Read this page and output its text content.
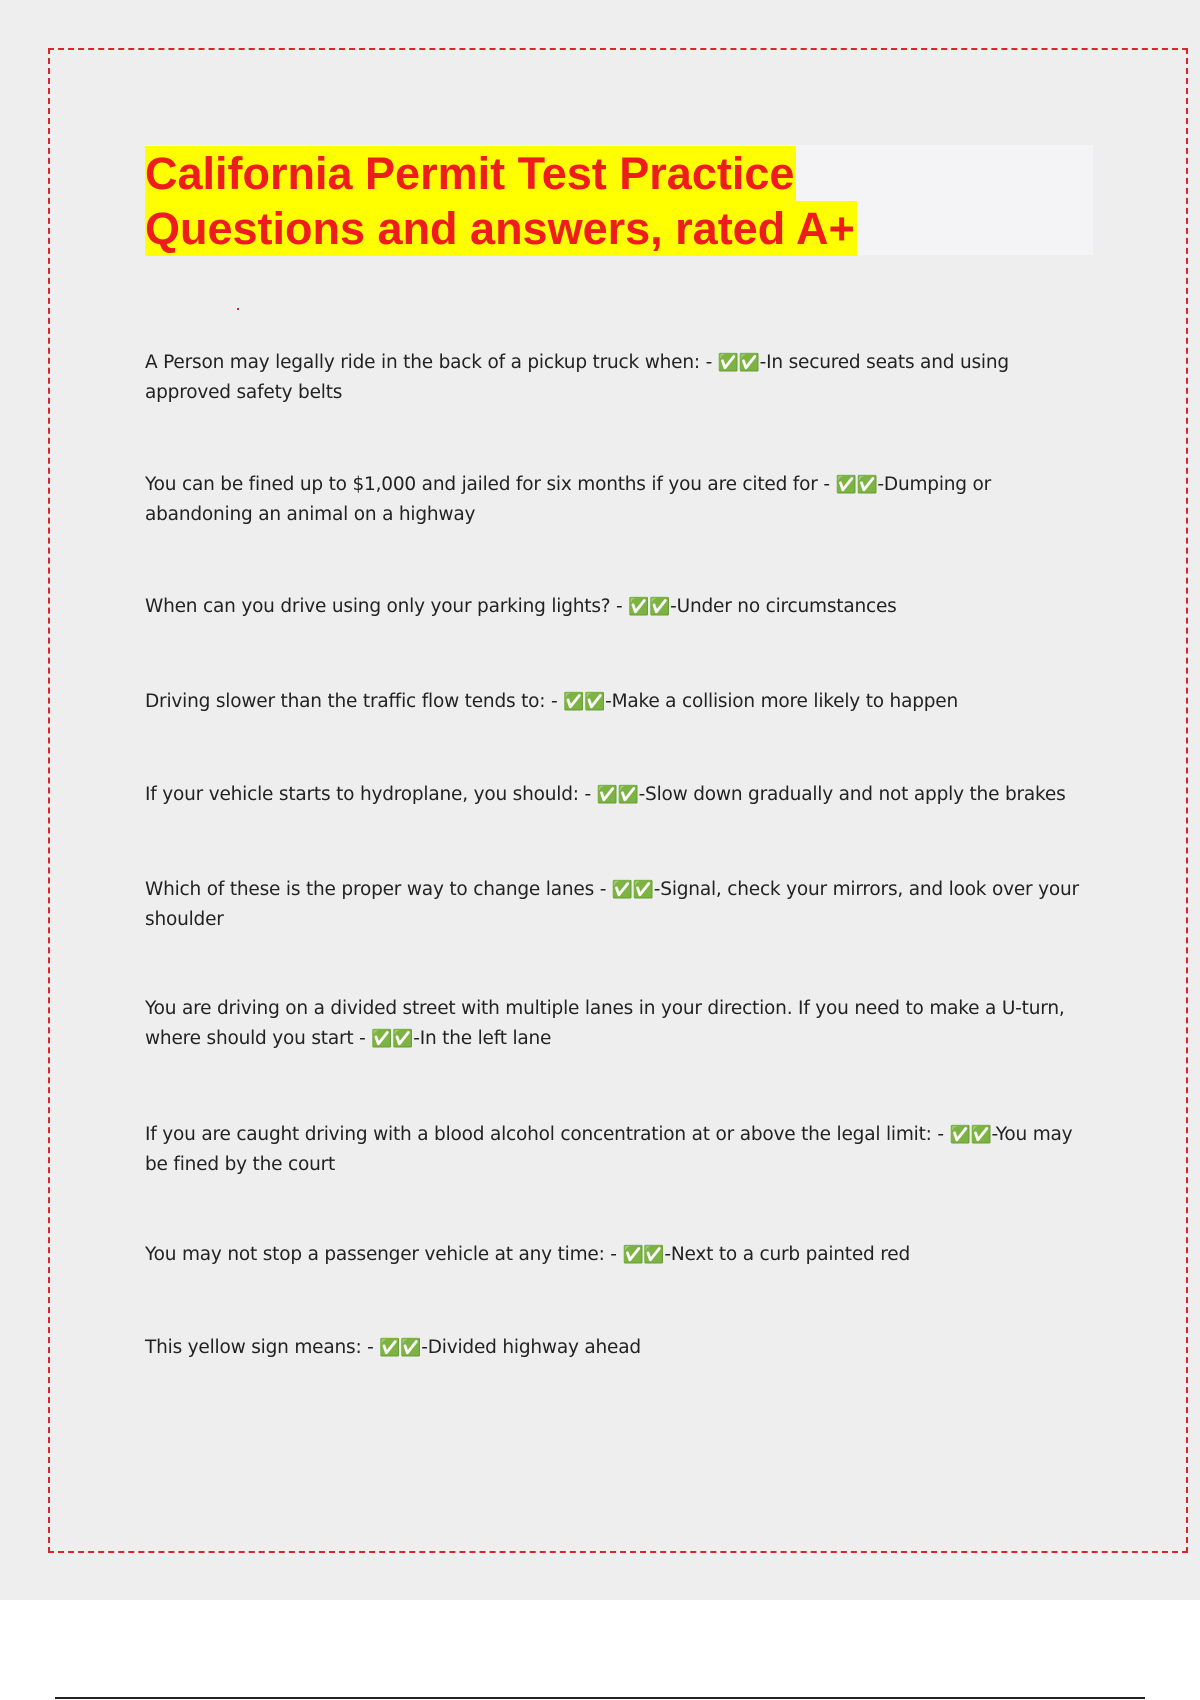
California Permit Test Practice
Questions and answers, rated A+
A Person may legally ride in the back of a pickup truck when: - ✅✅-In secured seats and using approved safety belts
You can be fined up to $1,000 and jailed for six months if you are cited for - ✅✅-Dumping or abandoning an animal on a highway
When can you drive using only your parking lights? - ✅✅-Under no circumstances
Driving slower than the traffic flow tends to: - ✅✅-Make a collision more likely to happen
If your vehicle starts to hydroplane, you should: - ✅✅-Slow down gradually and not apply the brakes
Which of these is the proper way to change lanes - ✅✅-Signal, check your mirrors, and look over your shoulder
You are driving on a divided street with multiple lanes in your direction. If you need to make a U-turn, where should you start - ✅✅-In the left lane
If you are caught driving with a blood alcohol concentration at or above the legal limit: - ✅✅-You may be fined by the court
You may not stop a passenger vehicle at any time: - ✅✅-Next to a curb painted red
This yellow sign means: - ✅✅-Divided highway ahead
